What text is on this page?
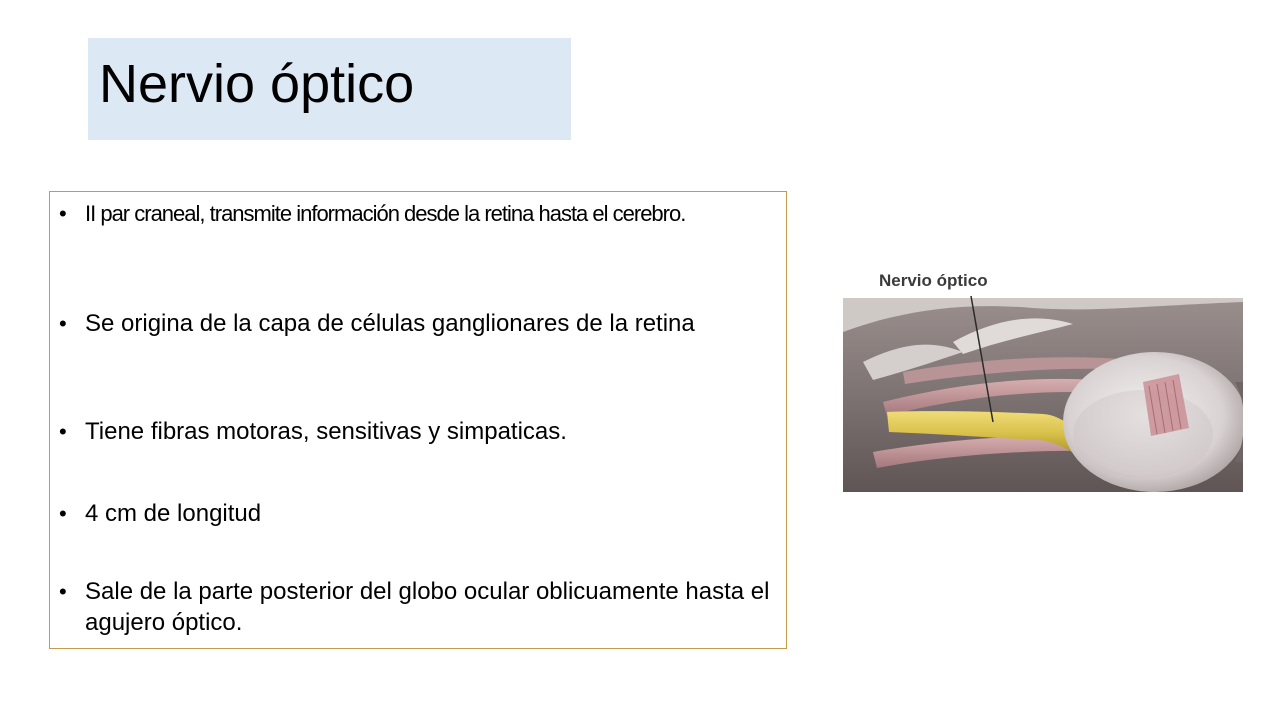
Nervio óptico
• II par craneal, transmite información desde la retina hasta el cerebro.
• Se origina de la capa de células ganglionares de la retina
• Tiene fibras motoras, sensitivas y simpaticas.
• 4 cm de longitud
• Sale de la parte posterior del globo ocular oblicuamente hasta el agujero óptico.
Nervio óptico
